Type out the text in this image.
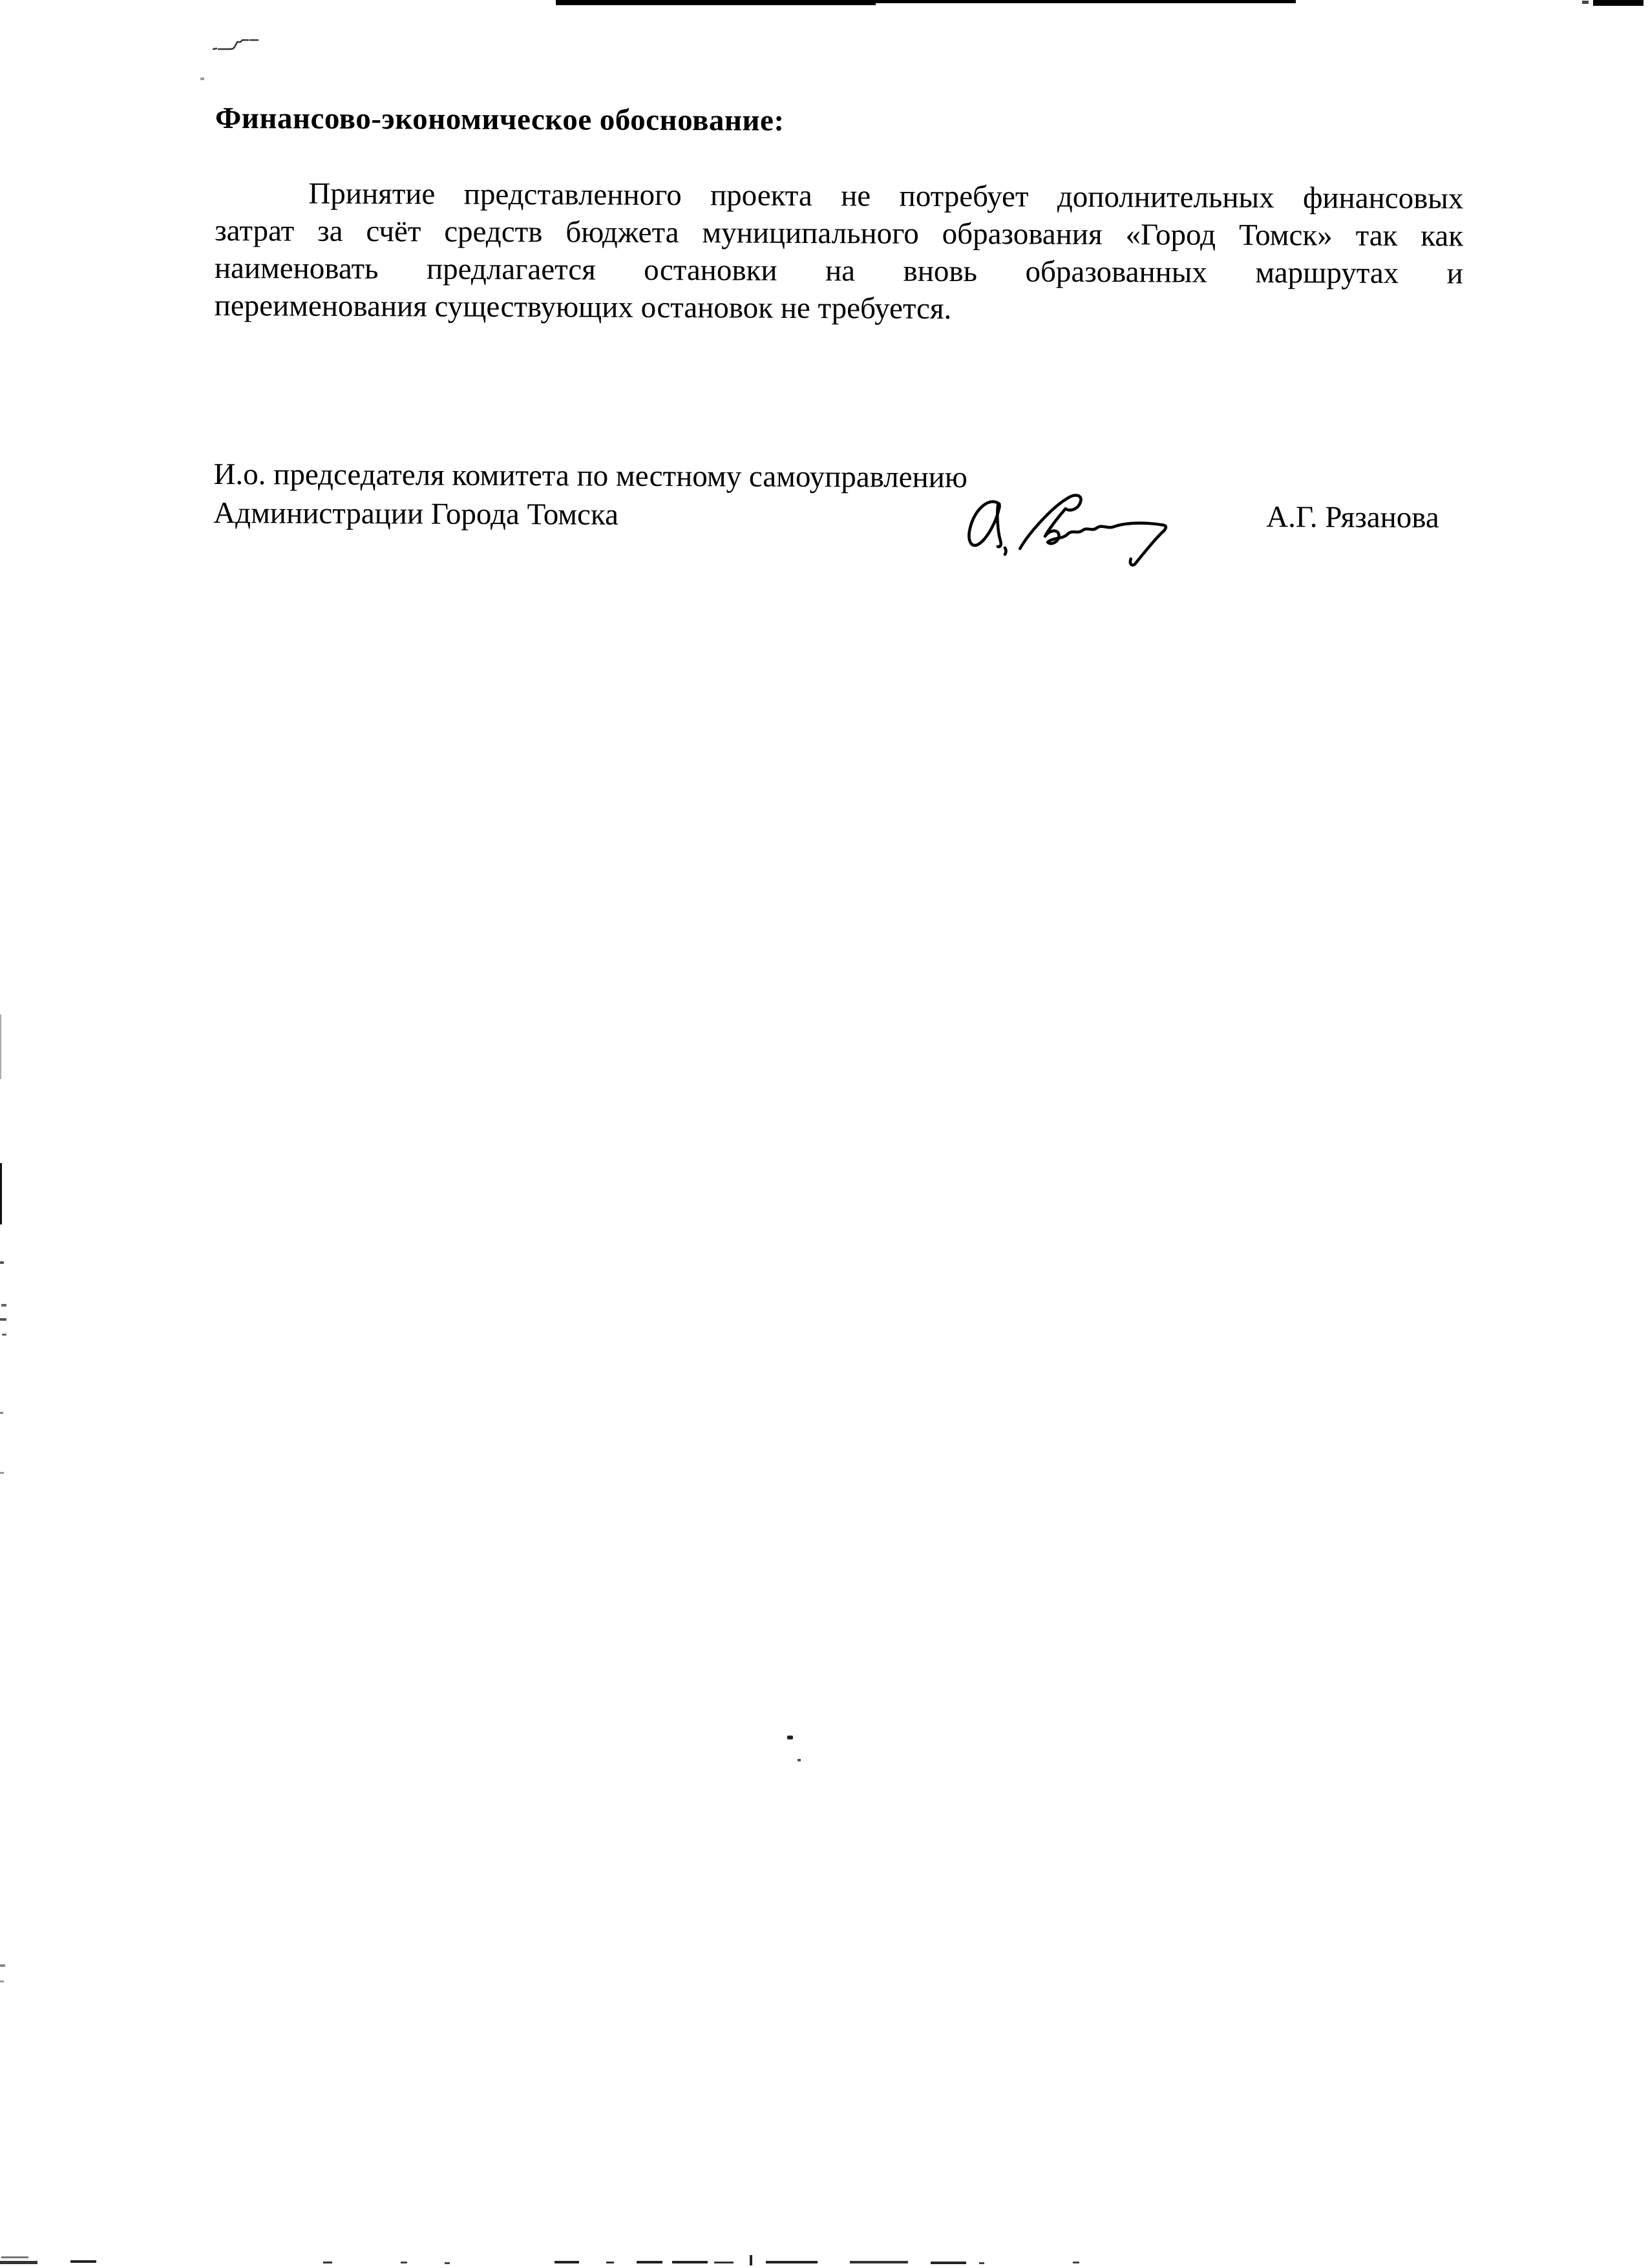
Финансово-экономическое обоснование:
Принятие представленного проекта не потребует дополнительных финансовых
затрат за счёт средств бюджета муниципального образования «Город Томск» так как
наименовать предлагается остановки на вновь образованных маршрутах и
переименования существующих остановок не требуется.
И.о. председателя комитета по местному самоуправлению
Администрации Города Томска	А.Г. Рязанова
